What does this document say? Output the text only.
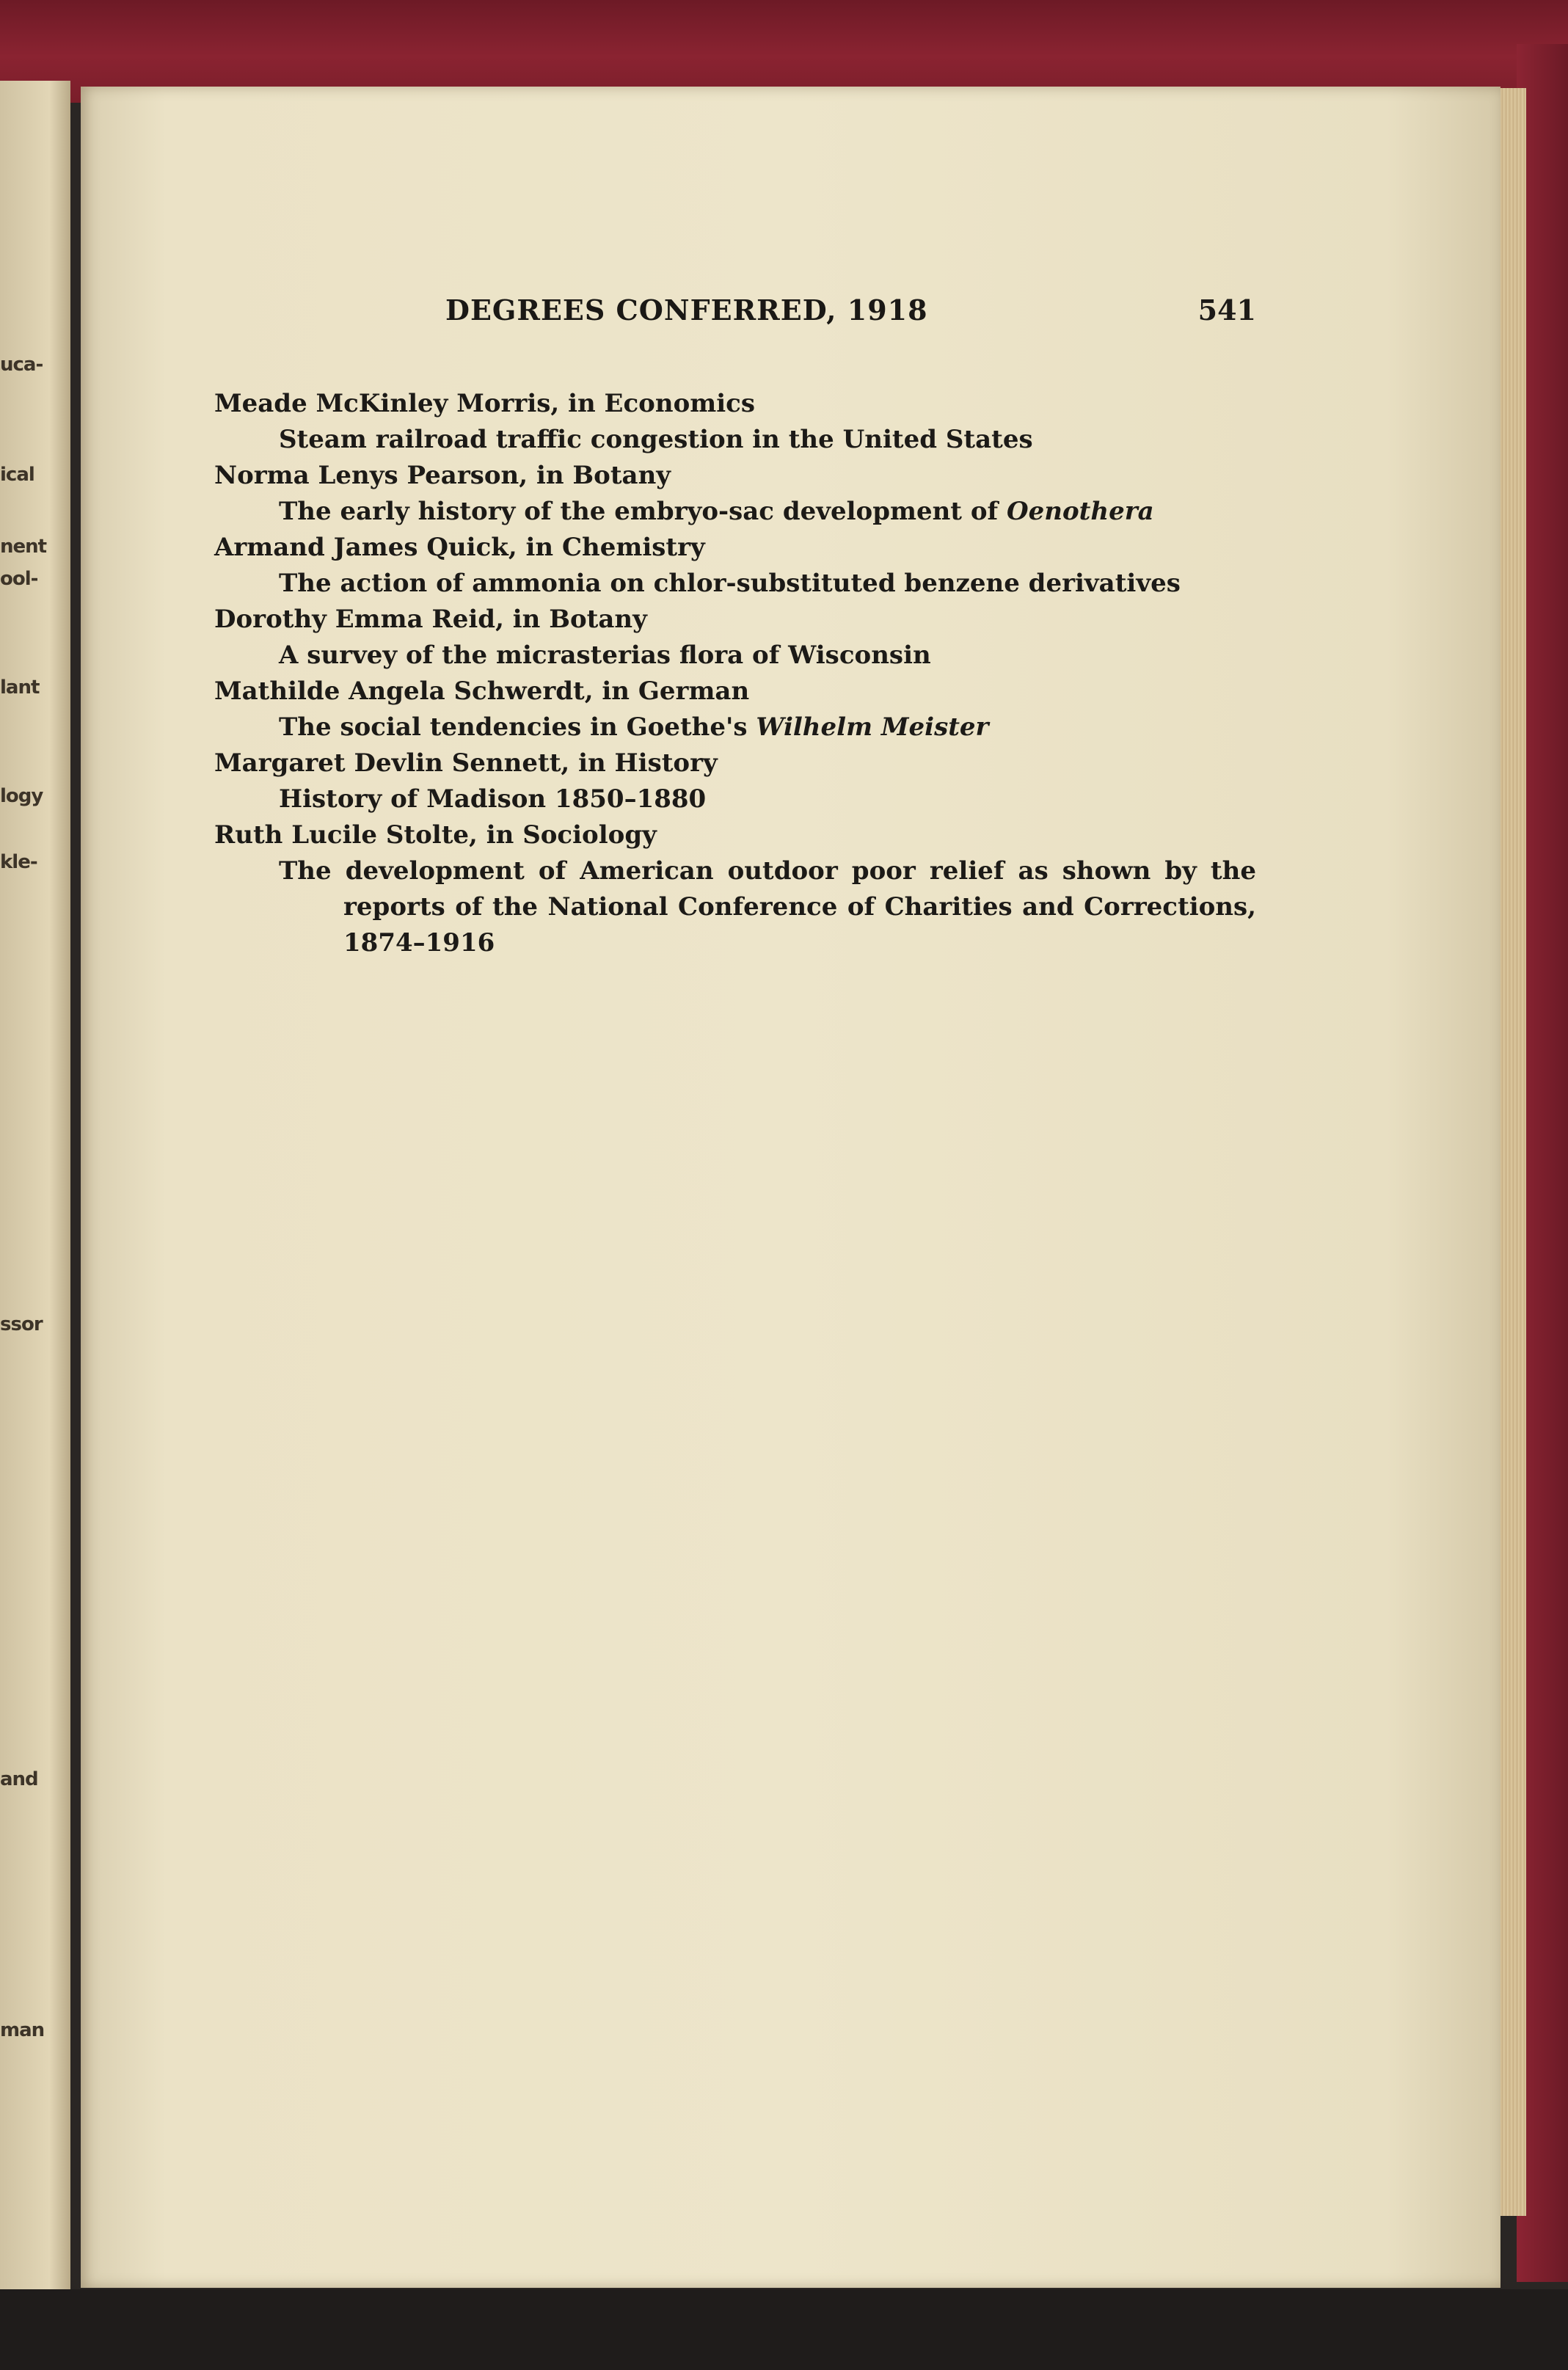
uca-
ical
nent
ool-
lant
logy
kle-
ssor
and
man
DEGREES CONFERRED, 1918	541

Meade McKinley Morris, in Economics

Steam railroad traffic congestion in the United States

Norma Lenys Pearson, in Botany

The early history of the embryo-sac development of Oenothera

Armand James Quick, in Chemistry

The action of ammonia on chlor-substituted benzene derivatives

Dorothy Emma Reid, in Botany

A survey of the micrasterias flora of Wisconsin

Mathilde Angela Schwerdt, in German

The social tendencies in Goethe's Wilhelm Meister

Margaret Devlin Sennett, in History

History of Madison 1850–1880

Ruth Lucile Stolte, in Sociology

The development of American outdoor poor relief as shown by the reports of the National Conference of Charities and Corrections, 1874–1916
